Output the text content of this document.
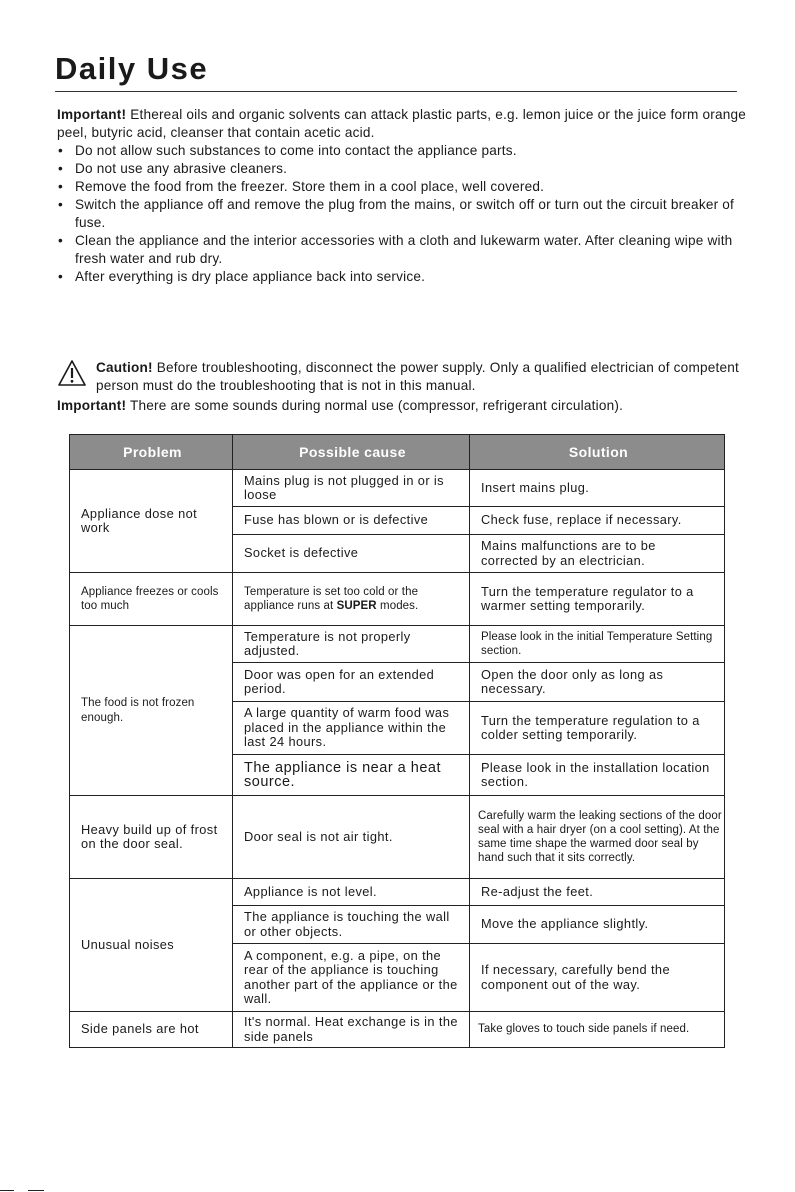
Daily Use
Important! Ethereal oils and organic solvents can attack plastic parts, e.g. lemon juice or the juice form orange peel, butyric acid, cleanser that contain acetic acid.
• Do not allow such substances to come into contact the appliance parts.
• Do not use any abrasive cleaners.
• Remove the food from the freezer. Store them in a cool place, well covered.
• Switch the appliance off and remove the plug from the mains, or switch off or turn out the circuit breaker of fuse.
• Clean the appliance and the interior accessories with a cloth and lukewarm water. After cleaning wipe with fresh water and rub dry.
• After everything is dry place appliance back into service.
Caution! Before troubleshooting, disconnect the power supply. Only a qualified electrician of competent person must do the troubleshooting that is not in this manual.
Important! There are some sounds during normal use (compressor, refrigerant circulation).
Problem	Possible cause	Solution
Appliance dose not work	Mains plug is not plugged in or is loose	Insert mains plug.
	Fuse has blown or is defective	Check fuse, replace if necessary.
	Socket is defective	Mains malfunctions are to be corrected by an electrician.
Appliance freezes or cools too much	Temperature is set too cold or the appliance runs at SUPER modes.	Turn the temperature regulator to a warmer setting temporarily.
The food is not frozen enough.	Temperature is not properly adjusted.	Please look in the initial Temperature Setting section.
	Door was open for an extended period.	Open the door only as long as necessary.
	A large quantity of warm food was placed in the appliance within the last 24 hours.	Turn the temperature regulation to a colder setting temporarily.
	The appliance is near a heat source.	Please look in the installation location section.
Heavy build up of frost on the door seal.	Door seal is not air tight.	Carefully warm the leaking sections of the door seal with a hair dryer (on a cool setting). At the same time shape the warmed door seal by hand such that it sits correctly.
Unusual noises	Appliance is not level.	Re-adjust the feet.
	The appliance is touching the wall or other objects.	Move the appliance slightly.
	A component, e.g. a pipe, on the rear of the appliance is touching another part of the appliance or the wall.	If necessary, carefully bend the component out of the way.
Side panels are hot	It's normal. Heat exchange is in the side panels	Take gloves to touch side panels if need.
